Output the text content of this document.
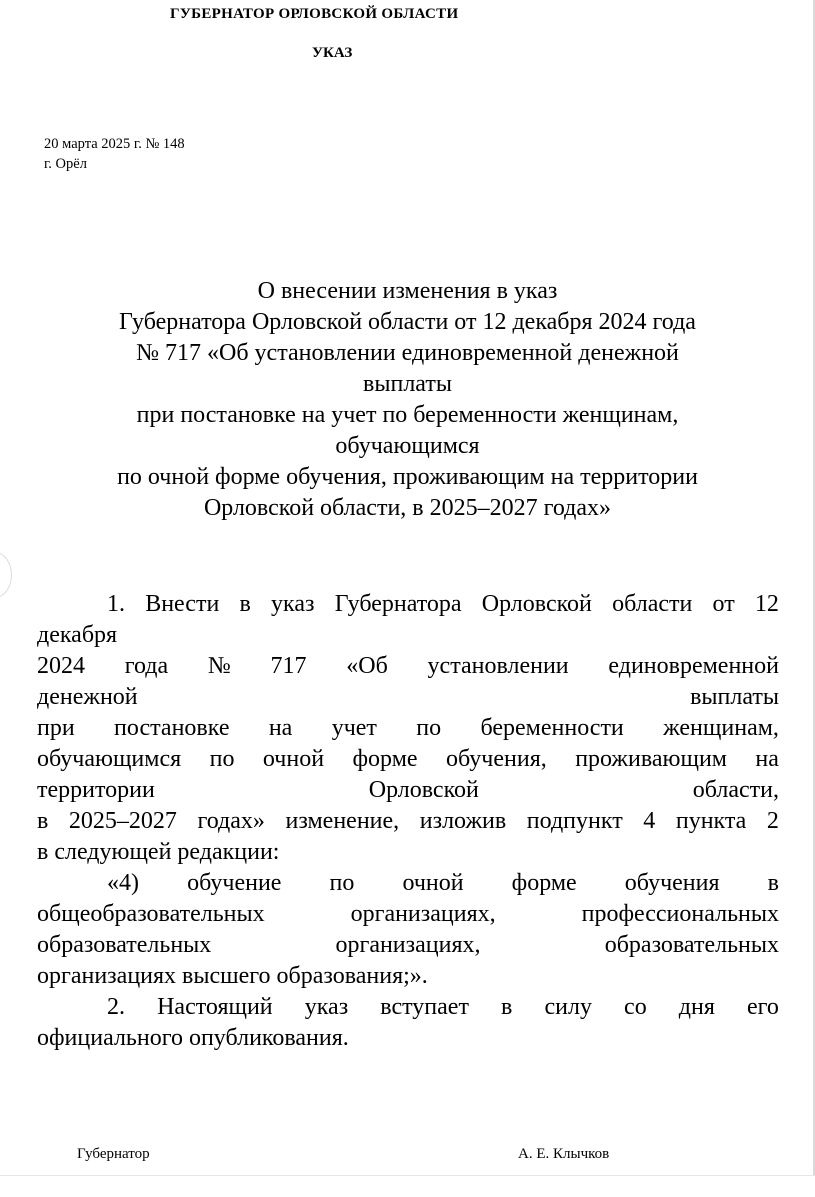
ГУБЕРНАТОР ОРЛОВСКОЙ ОБЛАСТИ
УКАЗ
20 марта 2025 г. № 148
г. Орёл
О внесении изменения в указ
Губернатора Орловской области от 12 декабря 2024 года
№ 717 «Об установлении единовременной денежной
выплаты
при постановке на учет по беременности женщинам,
обучающимся
по очной форме обучения, проживающим на территории
Орловской области, в 2025–2027 годах»
1. Внести в указ Губернатора Орловской области от 12
декабря
2024 года № 717 «Об установлении единовременной
денежной	выплаты
при постановке на учет по беременности женщинам,
обучающимся по очной форме обучения, проживающим на
территории	Орловской	области,
в 2025–2027 годах» изменение, изложив подпункт 4 пункта 2
в следующей редакции:
«4) обучение по очной форме обучения в
общеобразовательных	организациях,	профессиональных
образовательных	организациях,	образовательных
организациях высшего образования;».
2. Настоящий указ вступает в силу со дня его
официального опубликования.
Губернатор	А. Е. Клычков
